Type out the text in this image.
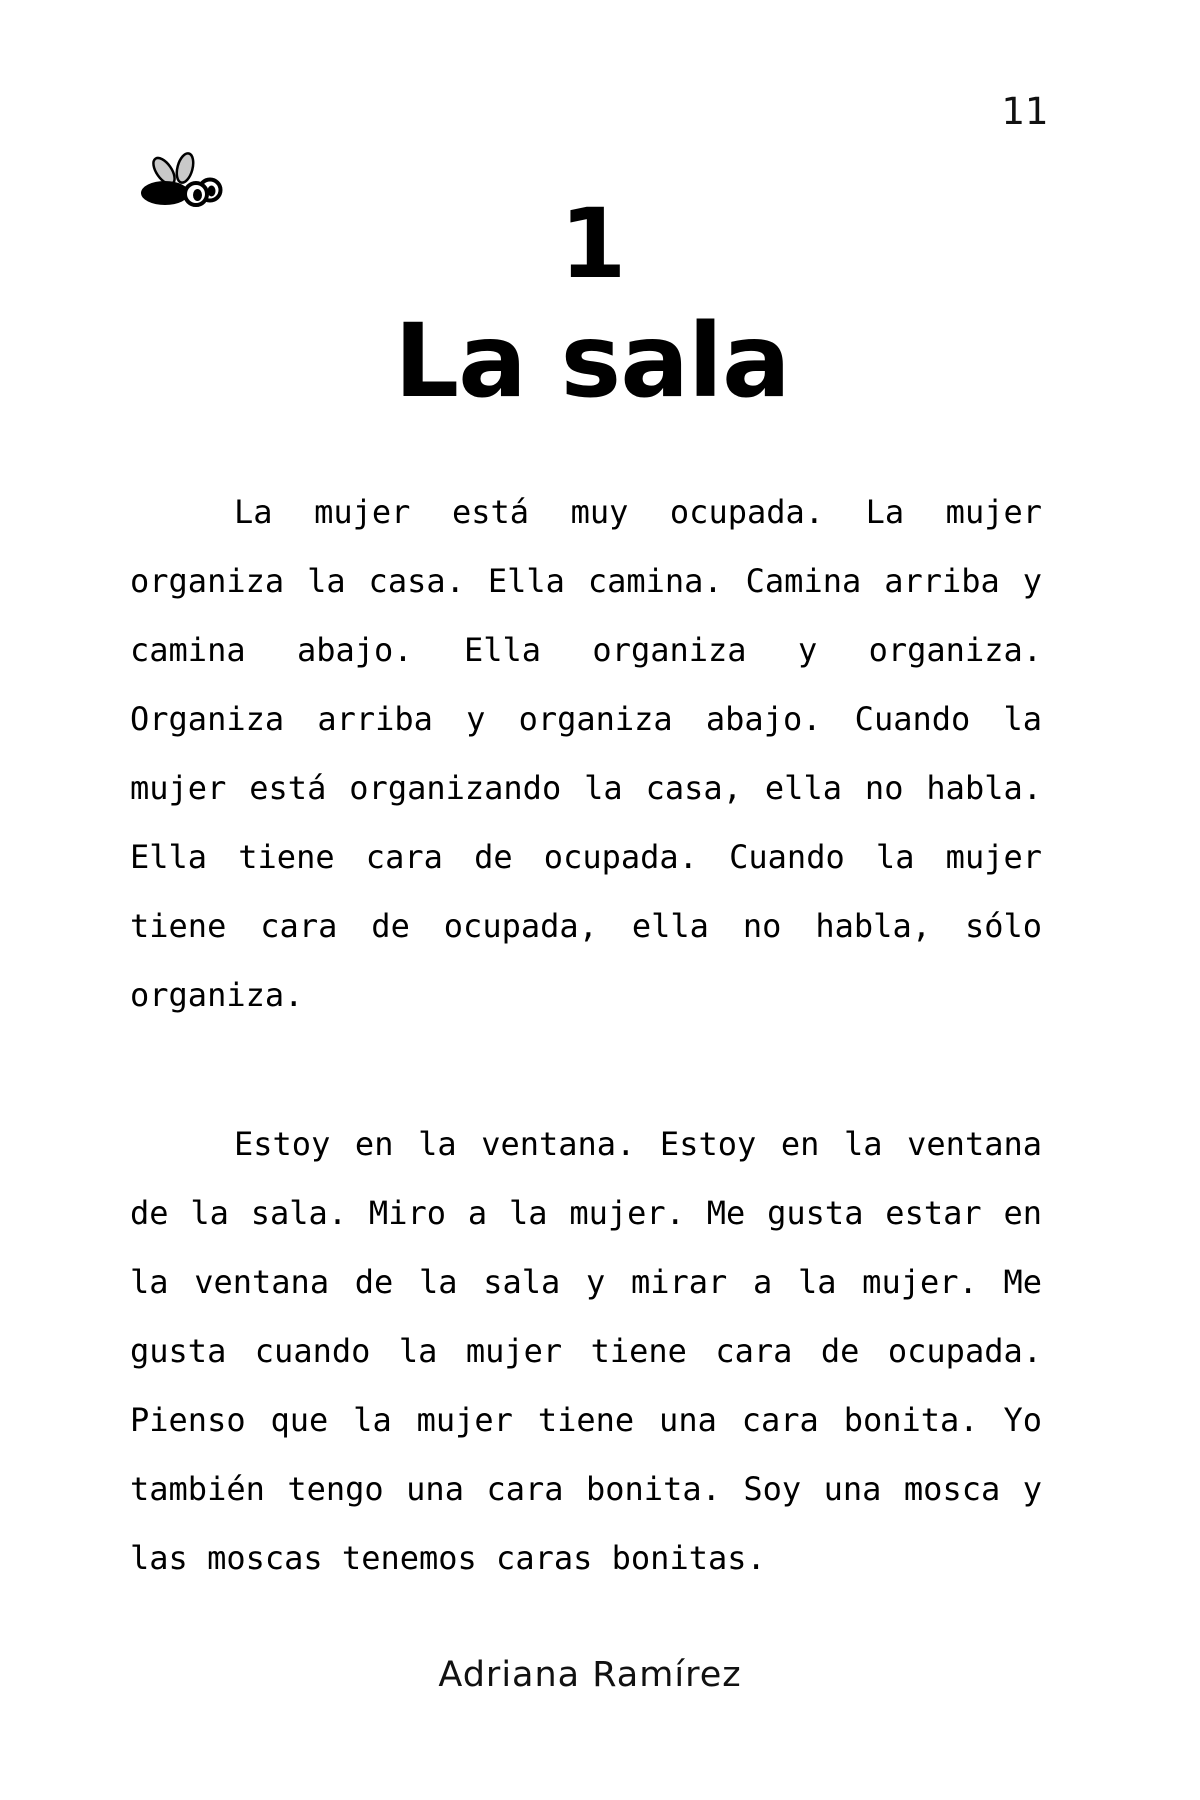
11
1
La sala
La mujer está muy ocupada. La mujer
organiza la casa. Ella camina. Camina arriba y
camina abajo. Ella organiza y organiza.
Organiza arriba y organiza abajo. Cuando la
mujer está organizando la casa, ella no habla.
Ella tiene cara de ocupada. Cuando la mujer
tiene cara de ocupada, ella no habla, sólo
organiza.
Estoy en la ventana. Estoy en la ventana
de la sala. Miro a la mujer. Me gusta estar en
la ventana de la sala y mirar a la mujer. Me
gusta cuando la mujer tiene cara de ocupada.
Pienso que la mujer tiene una cara bonita. Yo
también tengo una cara bonita. Soy una mosca y
las moscas tenemos caras bonitas.
Adriana Ramírez
